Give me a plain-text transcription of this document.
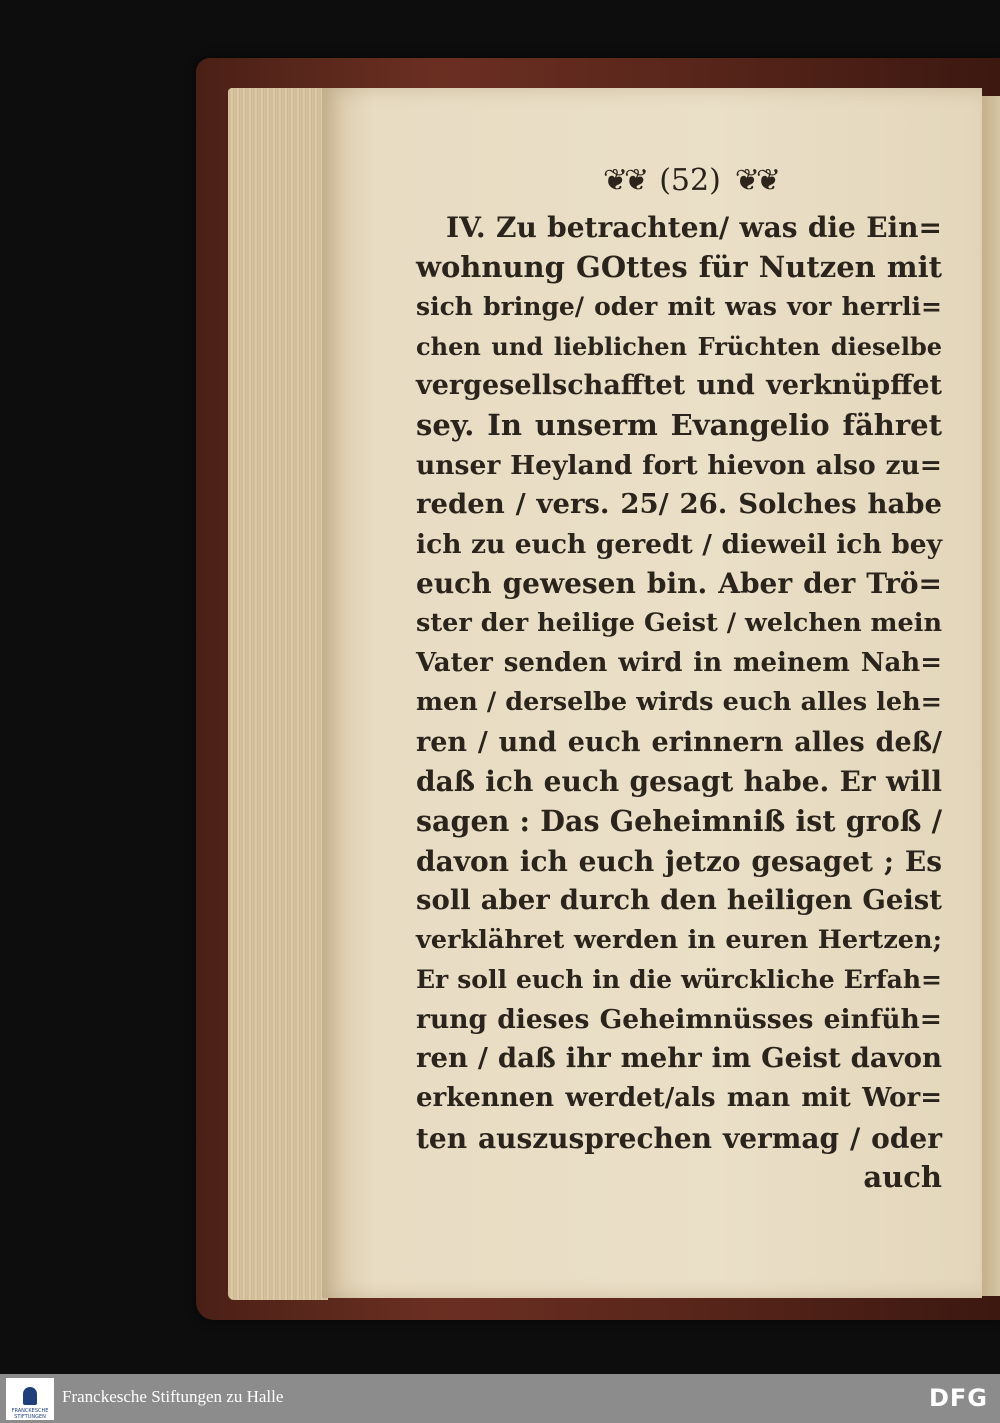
❦❦ (52) ❦❦
IV. Zu betrachten/ was die Ein=
wohnung GOttes für Nutzen mit
sich bringe/ oder mit was vor herrli=
chen und lieblichen Früchten dieselbe
vergesellschafftet und verknüpffet
sey. In unserm Evangelio fähret
unser Heyland fort hievon also zu=
reden / vers. 25/ 26. Solches habe
ich zu euch geredt / dieweil ich bey
euch gewesen bin. Aber der Trö=
ster der heilige Geist / welchen mein
Vater senden wird in meinem Nah=
men / derselbe wirds euch alles leh=
ren / und euch erinnern alles deß/
daß ich euch gesagt habe. Er will
sagen : Das Geheimniß ist groß /
davon ich euch jetzo gesaget ; Es
soll aber durch den heiligen Geist
verklähret werden in euren Hertzen;
Er soll euch in die würckliche Erfah=
rung dieses Geheimnüsses einfüh=
ren / daß ihr mehr im Geist davon
erkennen werdet/als man mit Wor=
ten auszusprechen vermag / oder
auch
FRANCKESCHE STIFTUNGEN
Franckesche Stiftungen zu Halle	DFG
